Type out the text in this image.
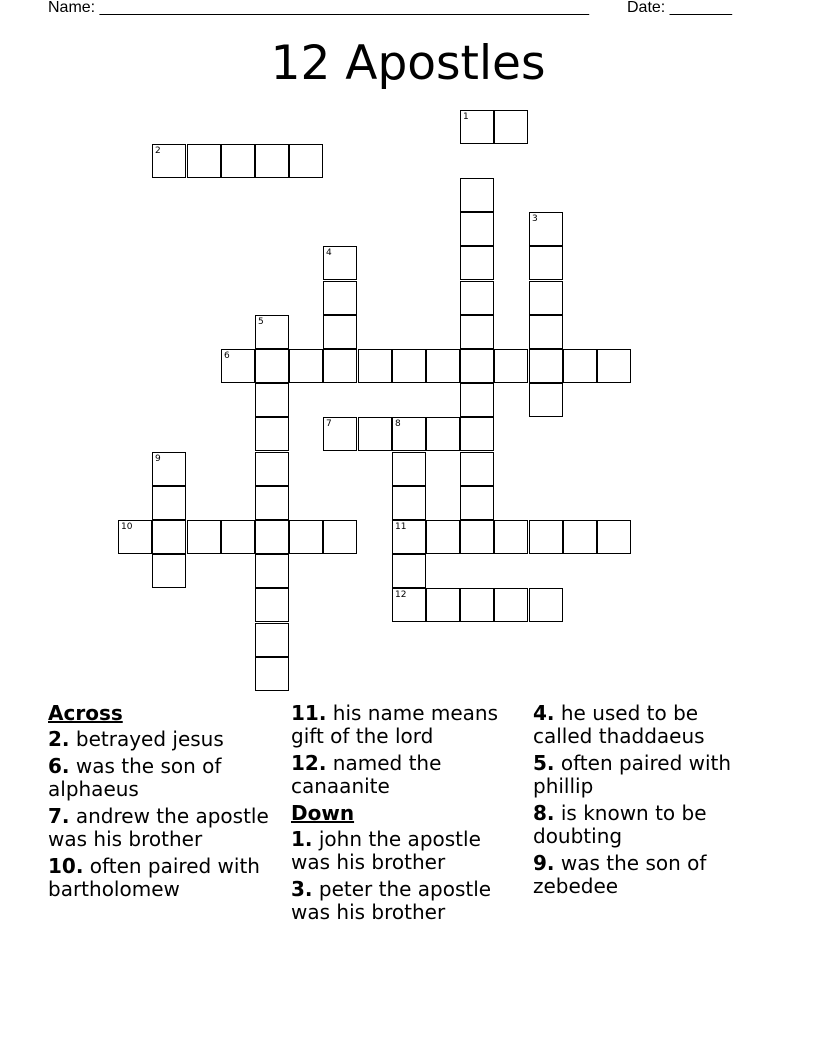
Name: _______________________________________________________ Date: _______
12 Apostles
1
2
3
4
5
6
7	8
9
10	11
12
Across
2. betrayed jesus
6. was the son of alphaeus
7. andrew the apostle was his brother
10. often paired with bartholomew
11. his name means gift of the lord
12. named the canaanite
Down
1. john the apostle was his brother
3. peter the apostle was his brother
4. he used to be called thaddaeus
5. often paired with phillip
8. is known to be doubting
9. was the son of zebedee
